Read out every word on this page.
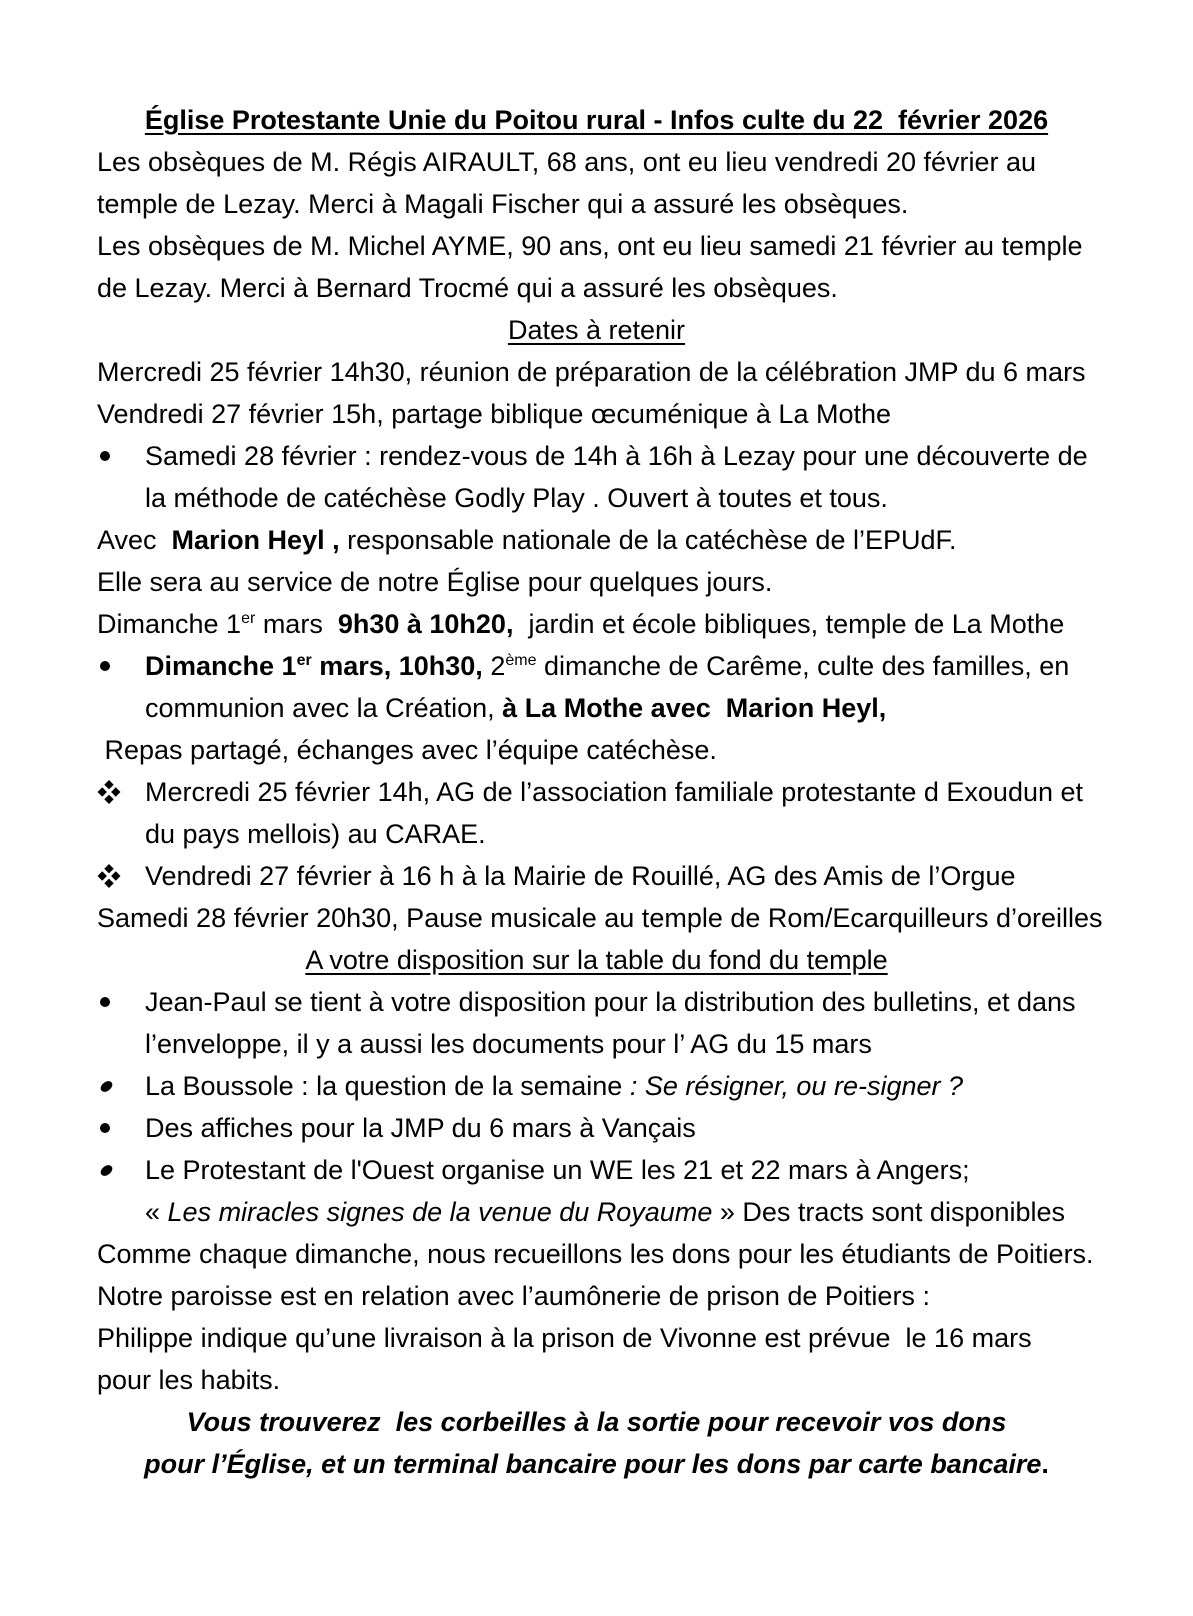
Église Protestante Unie du Poitou rural - Infos culte du 22  février 2026
Les obsèques de M. Régis AIRAULT, 68 ans, ont eu lieu vendredi 20 février au
temple de Lezay. Merci à Magali Fischer qui a assuré les obsèques.
Les obsèques de M. Michel AYME, 90 ans, ont eu lieu samedi 21 février au temple
de Lezay. Merci à Bernard Trocmé qui a assuré les obsèques.
Dates à retenir
Mercredi 25 février 14h30, réunion de préparation de la célébration JMP du 6 mars
Vendredi 27 février 15h, partage biblique œcuménique à La Mothe
Samedi 28 février : rendez-vous de 14h à 16h à Lezay pour une découverte de
la méthode de catéchèse Godly Play . Ouvert à toutes et tous.
Avec  Marion Heyl , responsable nationale de la catéchèse de l’EPUdF.
Elle sera au service de notre Église pour quelques jours.
Dimanche 1er mars  9h30 à 10h20,  jardin et école bibliques, temple de La Mothe
Dimanche 1er mars, 10h30, 2ème dimanche de Carême, culte des familles, en
communion avec la Création, à La Mothe avec  Marion Heyl,
Repas partagé, échanges avec l’équipe catéchèse.
Mercredi 25 février 14h, AG de l’association familiale protestante d Exoudun et
du pays mellois) au CARAE.
Vendredi 27 février à 16 h à la Mairie de Rouillé, AG des Amis de l’Orgue
Samedi 28 février 20h30, Pause musicale au temple de Rom/Ecarquilleurs d’oreilles
A votre disposition sur la table du fond du temple
Jean-Paul se tient à votre disposition pour la distribution des bulletins, et dans
l’enveloppe, il y a aussi les documents pour l’ AG du 15 mars
La Boussole : la question de la semaine : Se résigner, ou re-signer ?
Des affiches pour la JMP du 6 mars à Vançais
Le Protestant de l'Ouest organise un WE les 21 et 22 mars à Angers;
« Les miracles signes de la venue du Royaume » Des tracts sont disponibles
Comme chaque dimanche, nous recueillons les dons pour les étudiants de Poitiers.
Notre paroisse est en relation avec l’aumônerie de prison de Poitiers :
Philippe indique qu’une livraison à la prison de Vivonne est prévue  le 16 mars
pour les habits.
Vous trouverez  les corbeilles à la sortie pour recevoir vos dons
pour l’Église, et un terminal bancaire pour les dons par carte bancaire.
